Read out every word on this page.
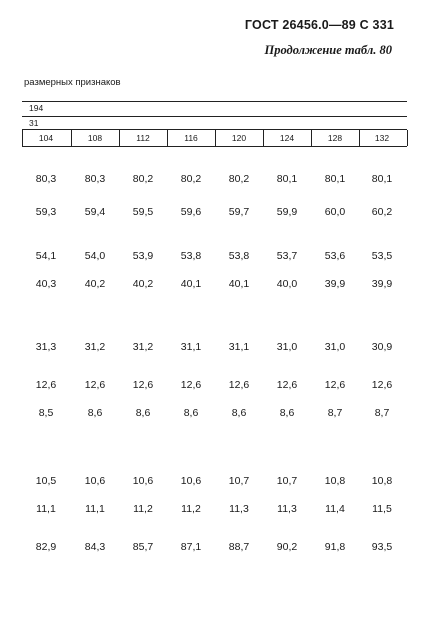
ГОСТ 26456.0—89 С 331
Продолжение табл. 80
размерных признаков
194
31
104	108	112	116	120	124	128	132
80,3	80,3	80,2	80,2	80,2	80,1	80,1	80,1
59,3	59,4	59,5	59,6	59,7	59,9	60,0	60,2
54,1	54,0	53,9	53,8	53,8	53,7	53,6	53,5
40,3	40,2	40,2	40,1	40,1	40,0	39,9	39,9
31,3	31,2	31,2	31,1	31,1	31,0	31,0	30,9
12,6	12,6	12,6	12,6	12,6	12,6	12,6	12,6
8,5	8,6	8,6	8,6	8,6	8,6	8,7	8,7
10,5	10,6	10,6	10,6	10,7	10,7	10,8	10,8
11,1	11,1	11,2	11,2	11,3	11,3	11,4	11,5
82,9	84,3	85,7	87,1	88,7	90,2	91,8	93,5
